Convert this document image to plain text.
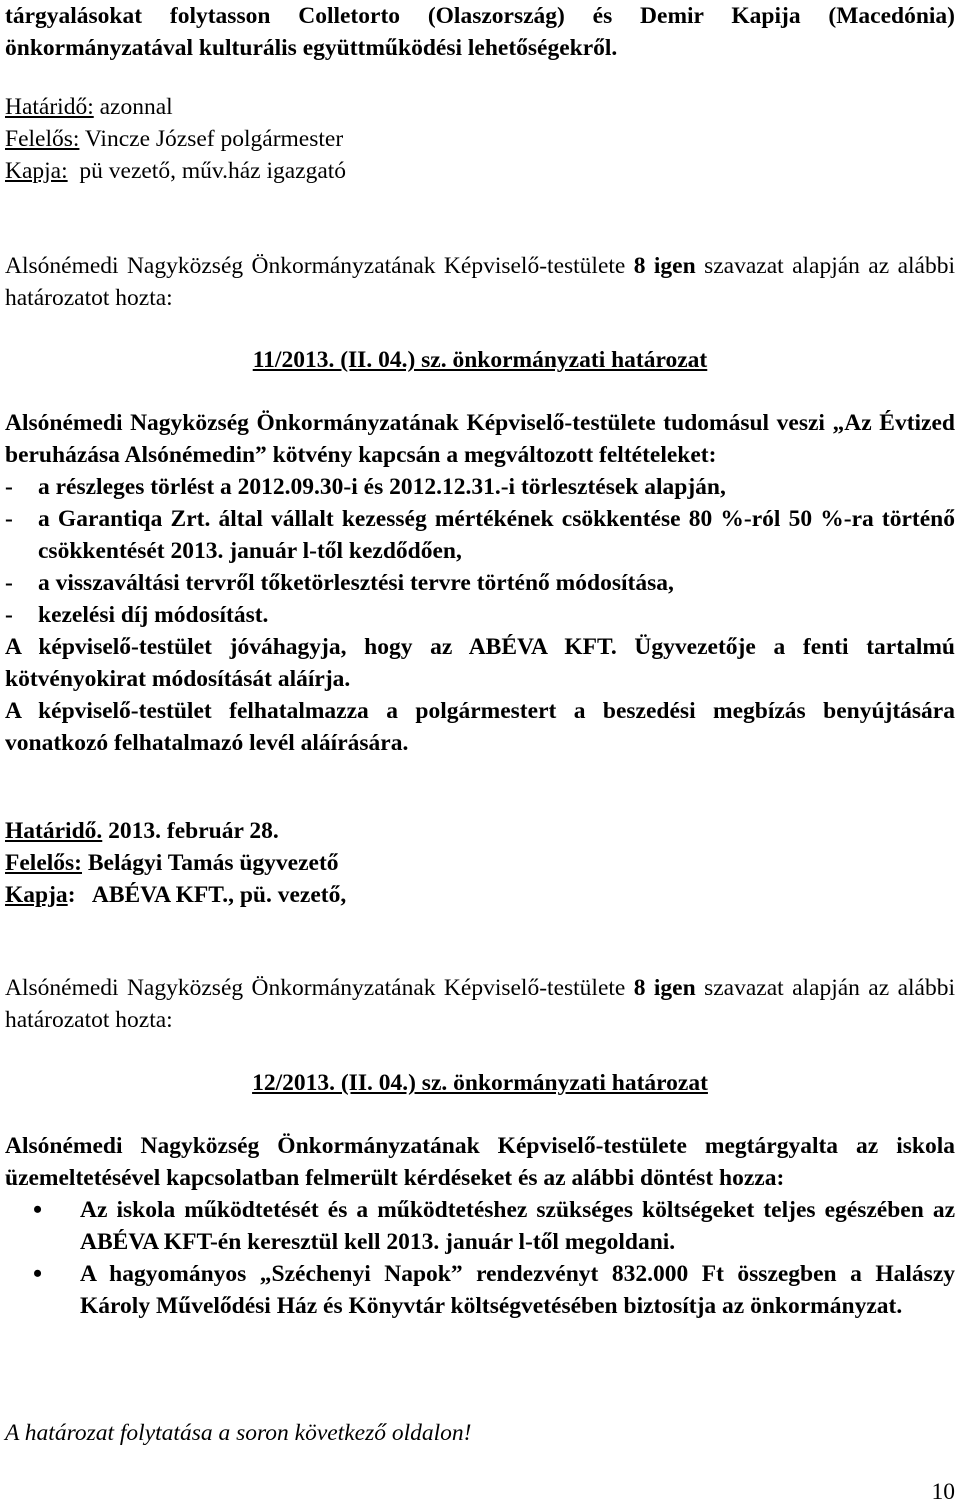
tárgyalásokat folytasson Colletorto (Olaszország) és Demir Kapija (Macedónia) önkormányzatával kulturális együttműködési lehetőségekről.

Határidő: azonnal

Felelős: Vincze József polgármester

Kapja:  pü vezető, műv.ház igazgató

Alsónémedi Nagyközség Önkormányzatának Képviselő-testülete 8 igen szavazat alapján az alábbi határozatot hozta:

11/2013. (II. 04.) sz. önkormányzati határozat

Alsónémedi Nagyközség Önkormányzatának Képviselő-testülete tudomásul veszi „Az Évtized beruházása Alsónémedin” kötvény kapcsán a megváltozott feltételeket:

-	a részleges törlést a 2012.09.30-i és 2012.12.31.-i törlesztések alapján,
-	a Garantiqa Zrt. által vállalt kezesség mértékének csökkentése 80 %-ról 50 %-ra történő csökkentését 2013. január l-től kezdődően,
-	a visszaváltási tervről tőketörlesztési tervre történő módosítása,
-	kezelési díj módosítást.

A képviselő-testület jóváhagyja, hogy az ABÉVA KFT. Ügyvezetője a fenti tartalmú kötvényokirat módosítását aláírja.

A képviselő-testület felhatalmazza a polgármestert a beszedési megbízás benyújtására vonatkozó felhatalmazó levél aláírására.

Határidő. 2013. február 28.

Felelős: Belágyi Tamás ügyvezető

Kapja:   ABÉVA KFT., pü. vezető,

Alsónémedi Nagyközség Önkormányzatának Képviselő-testülete 8 igen szavazat alapján az alábbi határozatot hozta:

12/2013. (II. 04.) sz. önkormányzati határozat

Alsónémedi Nagyközség Önkormányzatának Képviselő-testülete megtárgyalta az iskola üzemeltetésével kapcsolatban felmerült kérdéseket és az alábbi döntést hozza:

•	Az iskola működtetését és a működtetéshez szükséges költségeket teljes egészében az ABÉVA KFT-én keresztül kell 2013. január l-től megoldani.
•	A hagyományos „Széchenyi Napok” rendezvényt 832.000 Ft összegben a Halászy Károly Művelődési Ház és Könyvtár költségvetésében biztosítja az önkormányzat.

A határozat folytatása a soron következő oldalon!

10
